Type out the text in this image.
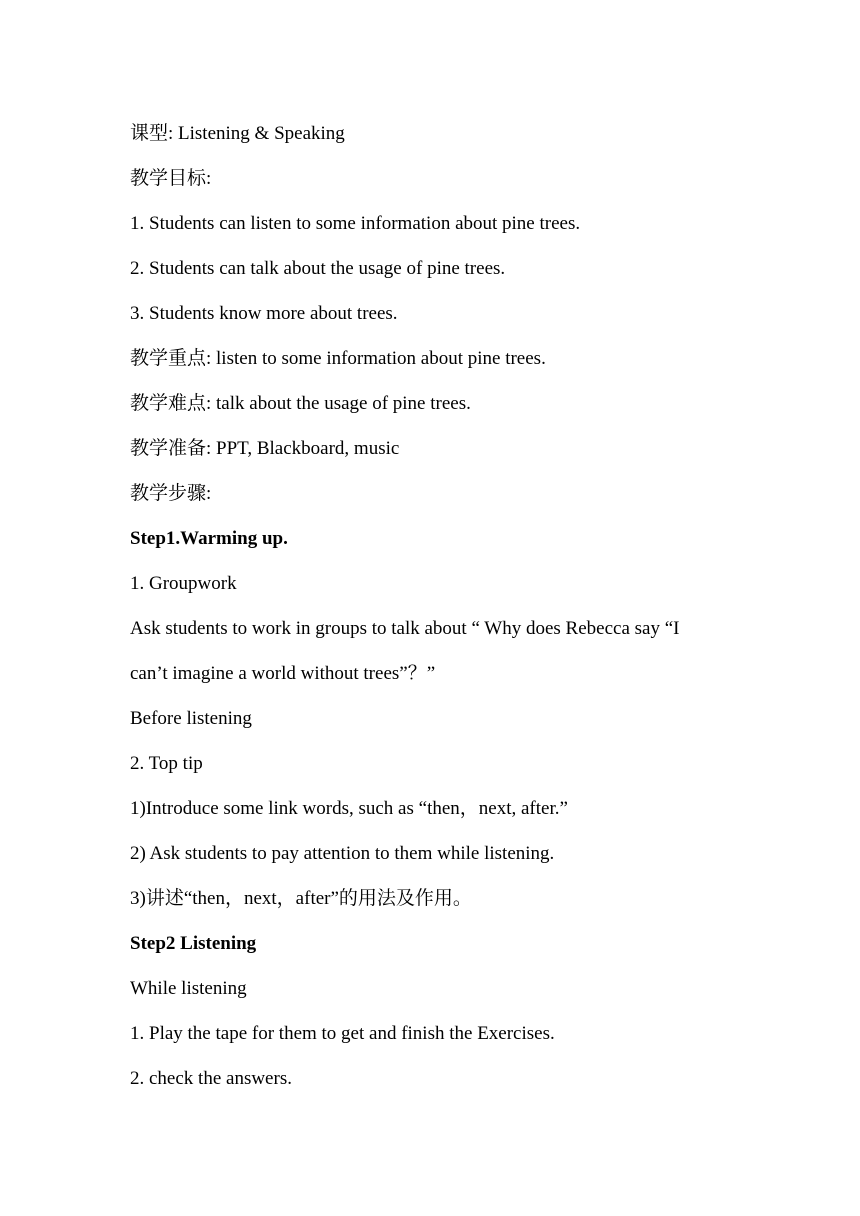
课型: Listening & Speaking
教学目标:
1. Students can listen to some information about pine trees.
2. Students can talk about the usage of pine trees.
3. Students know more about trees.
教学重点: listen to some information about pine trees.
教学难点: talk about the usage of pine trees.
教学准备: PPT, Blackboard, music
教学步骤:
Step1.Warming up.
1. Groupwork
Ask students to work in groups to talk about “ Why does Rebecca say “I
can’t imagine a world without trees”？”
Before listening
2. Top tip
1)Introduce some link words, such as “then，next, after.”
2) Ask students to pay attention to them while listening.
3)讲述“then，next，after”的用法及作用。
Step2 Listening
While listening
1. Play the tape for them to get and finish the Exercises.
2. check the answers.
